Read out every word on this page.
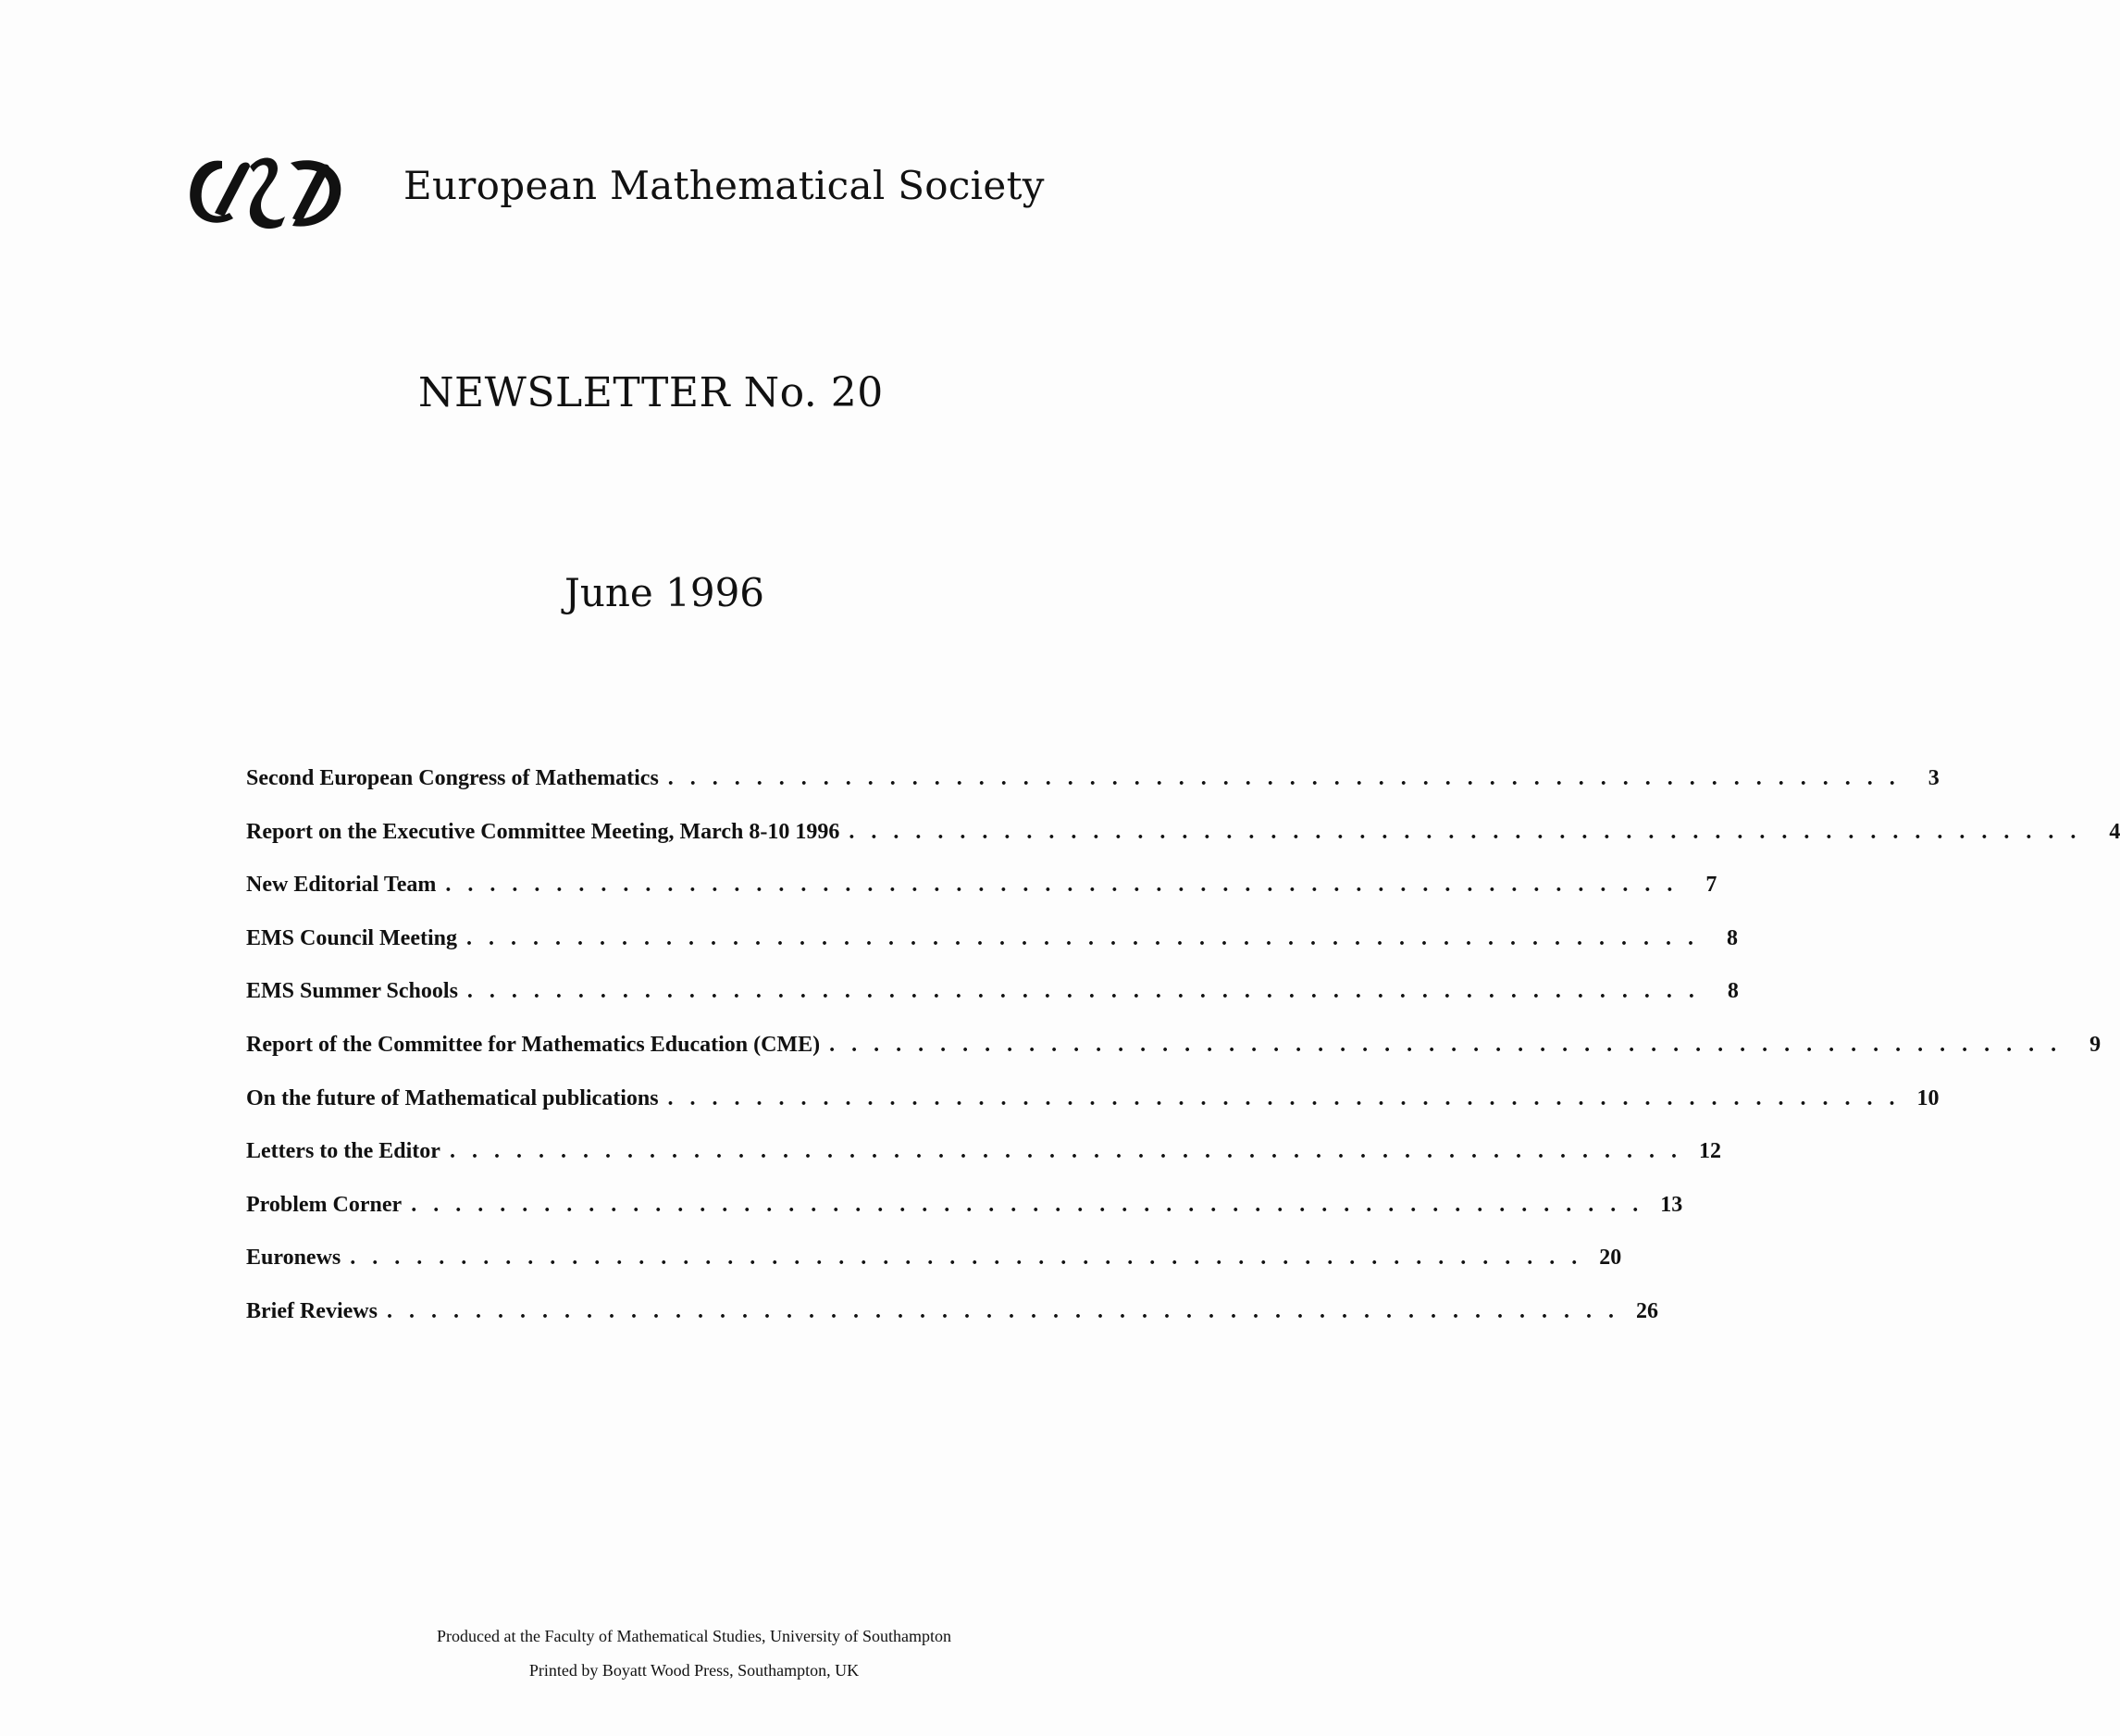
European Mathematical Society
NEWSLETTER No. 20
June 1996
Second European Congress of Mathematics . . . . . . . . . . . . . . . . . . . . . . . . . . . . . . . . . . . . . . . . . . . . . . . . . . . . . . . .	3
Report on the Executive Committee Meeting, March 8-10 1996 . . . . . . . . . . . . . . . . . . . . . . . . . . . . . . . . . . . . . . . . . . . . . . . . . . . . . . . .	4
New Editorial Team . . . . . . . . . . . . . . . . . . . . . . . . . . . . . . . . . . . . . . . . . . . . . . . . . . . . . . . .	7
EMS Council Meeting . . . . . . . . . . . . . . . . . . . . . . . . . . . . . . . . . . . . . . . . . . . . . . . . . . . . . . . .	8
EMS Summer Schools . . . . . . . . . . . . . . . . . . . . . . . . . . . . . . . . . . . . . . . . . . . . . . . . . . . . . . . .	8
Report of the Committee for Mathematics Education (CME) . . . . . . . . . . . . . . . . . . . . . . . . . . . . . . . . . . . . . . . . . . . . . . . . . . . . . . . .	9
On the future of Mathematical publications . . . . . . . . . . . . . . . . . . . . . . . . . . . . . . . . . . . . . . . . . . . . . . . . . . . . . . . . 10
Letters to the Editor . . . . . . . . . . . . . . . . . . . . . . . . . . . . . . . . . . . . . . . . . . . . . . . . . . . . . . . . 12
Problem Corner . . . . . . . . . . . . . . . . . . . . . . . . . . . . . . . . . . . . . . . . . . . . . . . . . . . . . . . . 13
Euronews . . . . . . . . . . . . . . . . . . . . . . . . . . . . . . . . . . . . . . . . . . . . . . . . . . . . . . . . 20
Brief Reviews . . . . . . . . . . . . . . . . . . . . . . . . . . . . . . . . . . . . . . . . . . . . . . . . . . . . . . . . 26
Produced at the Faculty of Mathematical Studies, University of Southampton
Printed by Boyatt Wood Press, Southampton, UK
